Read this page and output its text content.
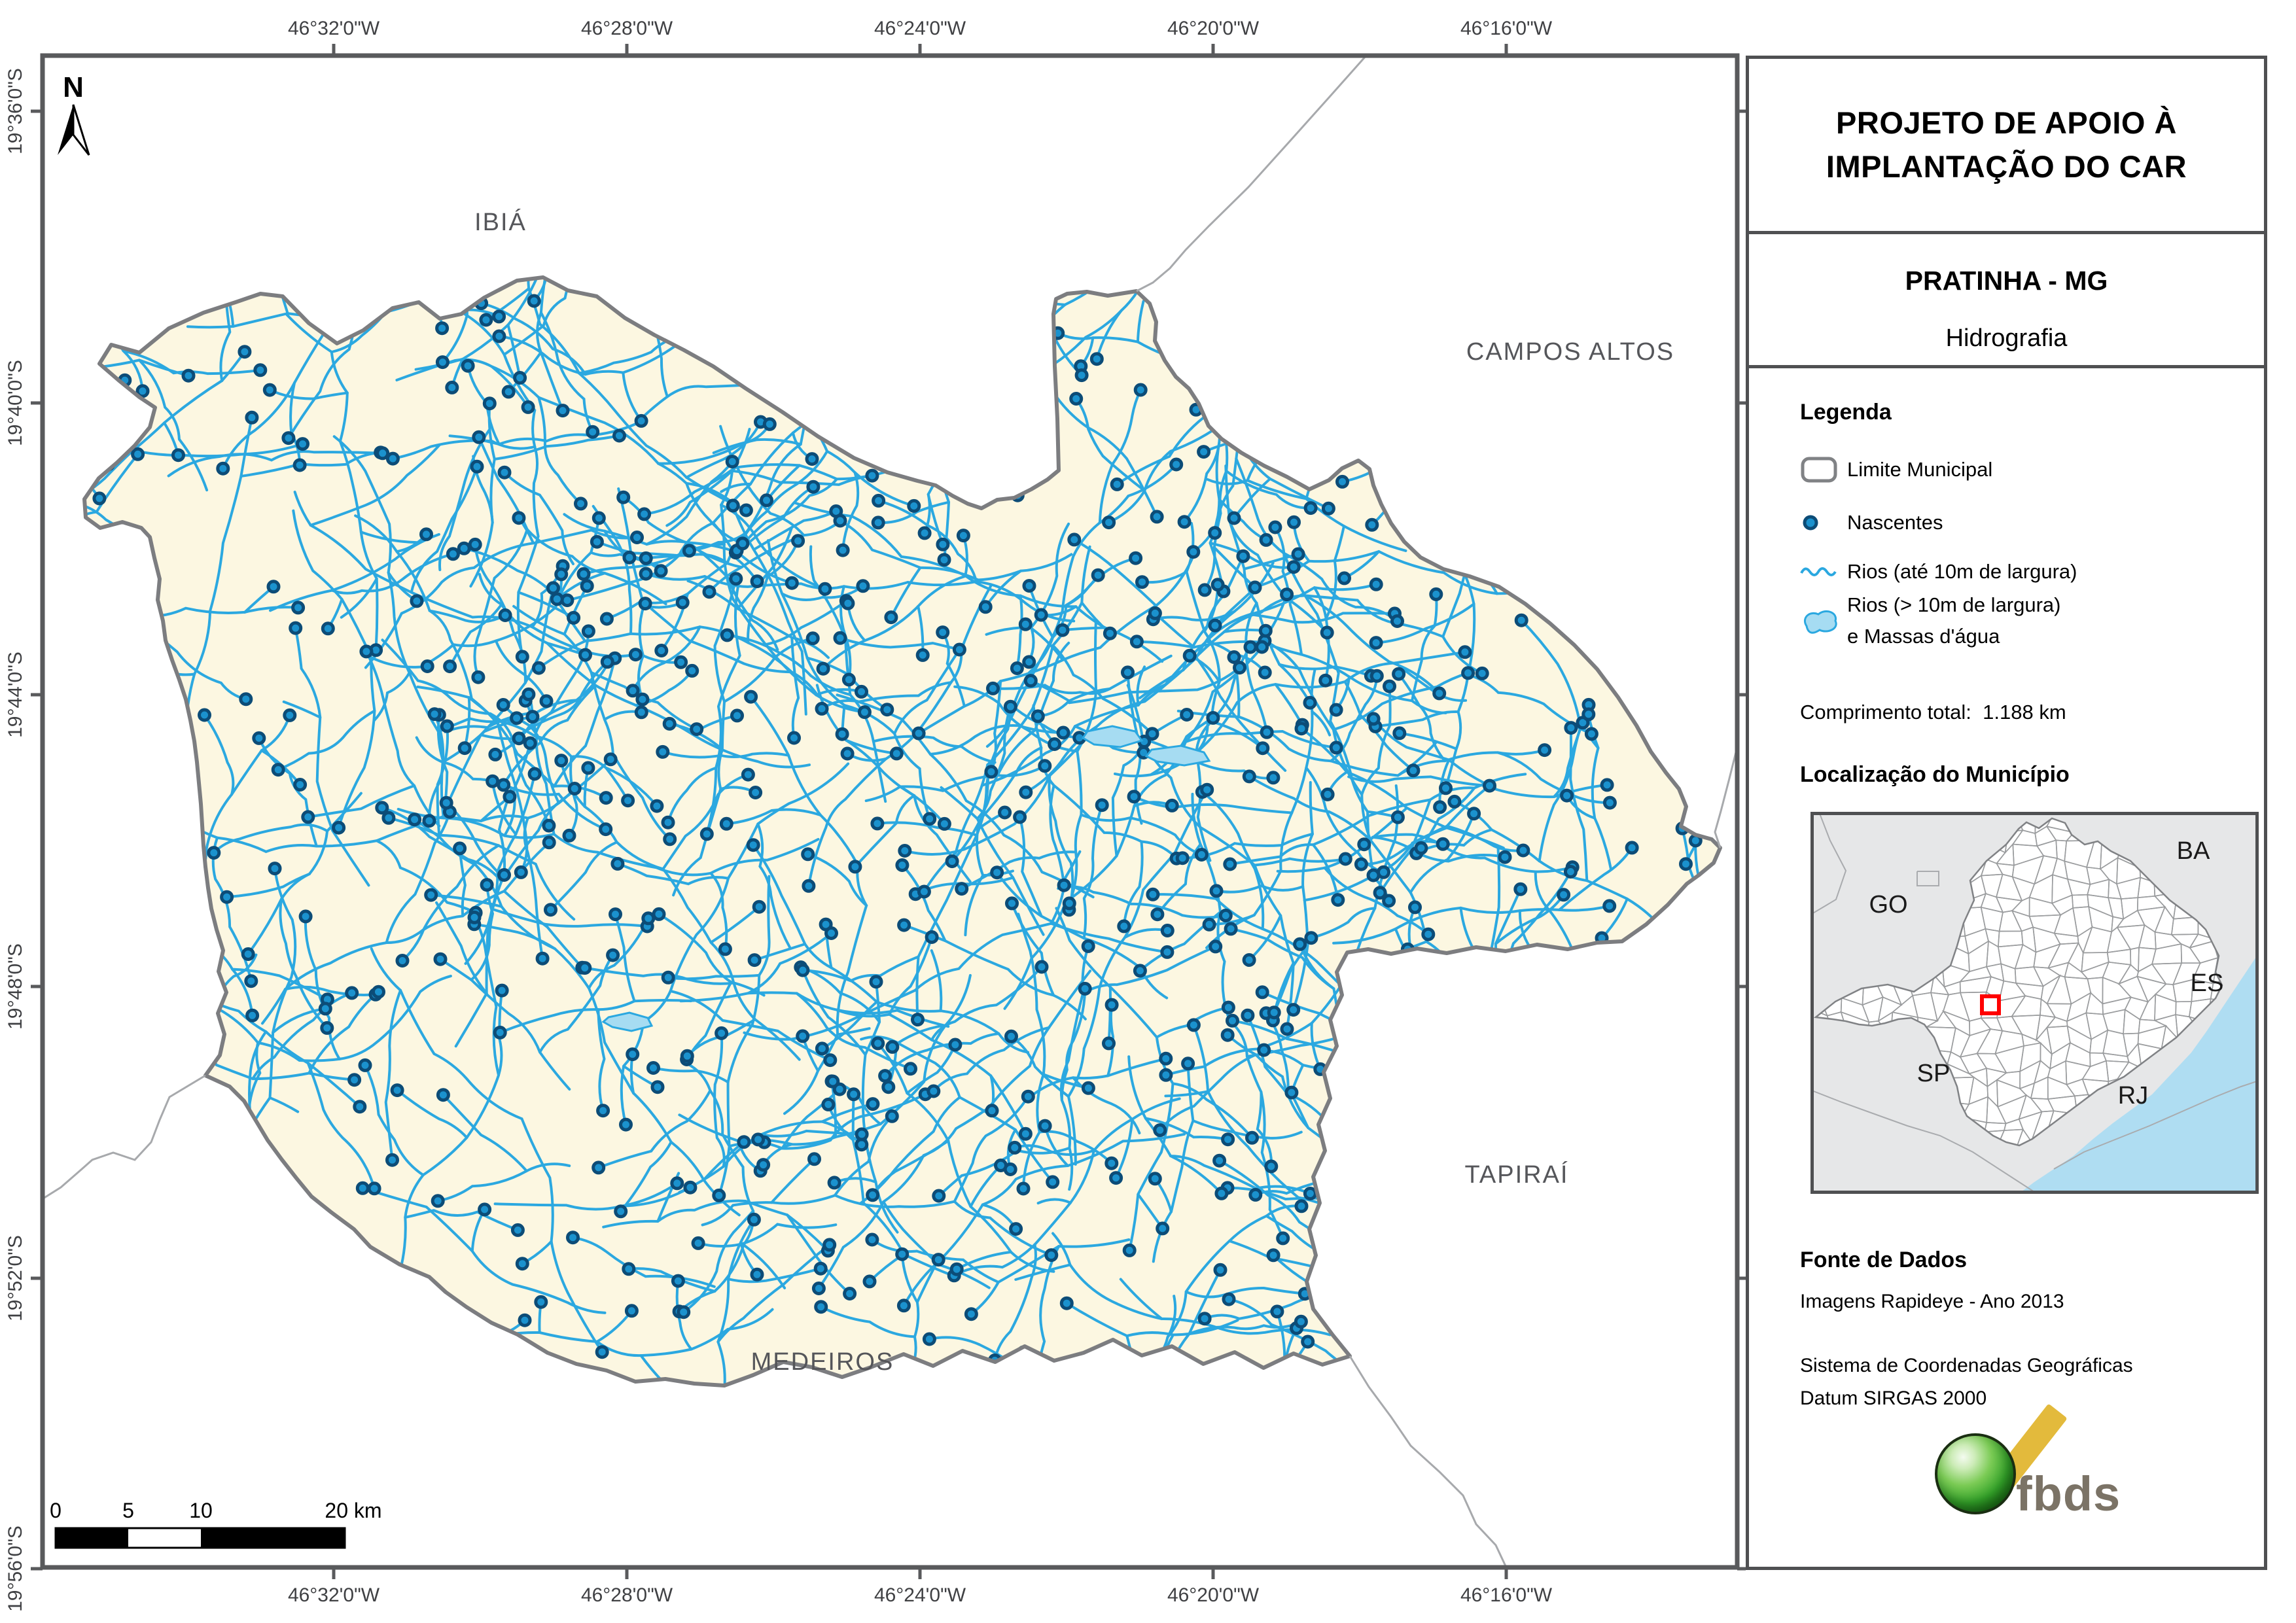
46°32'0"W
46°32'0"W
46°28'0"W
46°28'0"W
46°24'0"W
46°24'0"W
46°20'0"W
46°20'0"W
46°16'0"W
46°16'0"W
19°36'0"S
19°40'0"S
19°44'0"S
19°48'0"S
19°52'0"S
19°56'0"S
N
IBIÁ
CAMPOS ALTOS
TAPIRAÍ
MEDEIROS
0	5	10	20 km
PROJETO DE APOIO À
IMPLANTAÇÃO DO CAR
PRATINHA - MG
Hidrografia
Legenda
Limite Municipal
Nascentes
Rios (até 10m de largura)
Rios (> 10m de largura)
e Massas d'água
Comprimento total: 1.188 km
Localização do Município
GO
BA
ES
SP
RJ
Fonte de Dados
Imagens Rapideye - Ano 2013
Sistema de Coordenadas Geográficas
Datum SIRGAS 2000
fbds
